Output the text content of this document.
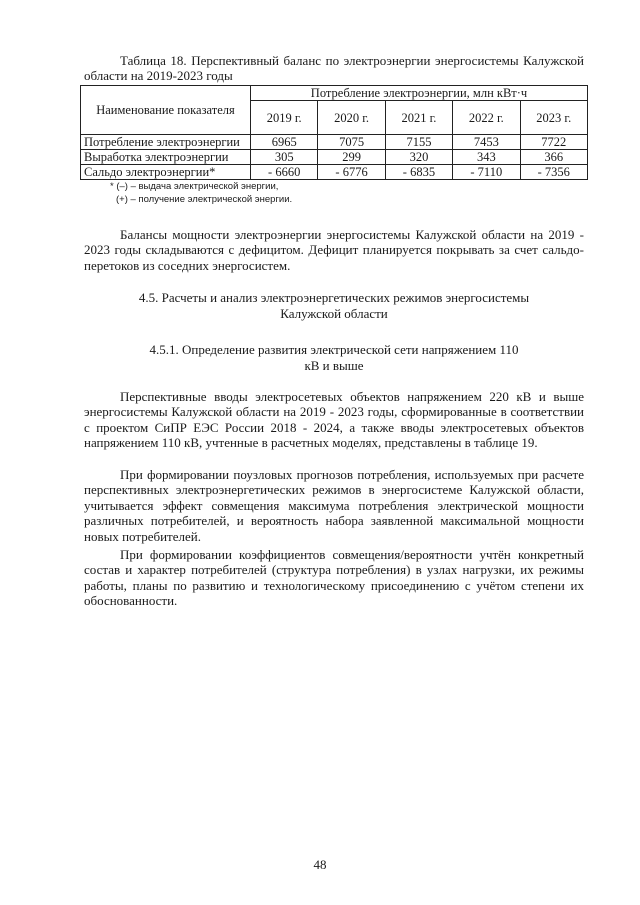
Таблица 18. Перспективный баланс по электроэнергии энергосистемы Калужской области на 2019-2023 годы
Наименование показателя	Потребление электроэнергии, млн кВт·ч				
	2019 г.	2020 г.	2021 г.	2022 г.	2023 г.
Потребление электроэнергии	6965	7075	7155	7453	7722
Выработка электроэнергии	305	299	320	343	366
Сальдо электроэнергии*	- 6660	- 6776	- 6835	- 7110	- 7356
* (–) – выдача электрической энергии,
(+) – получение электрической энергии.

Балансы мощности электроэнергии энергосистемы Калужской области на 2019 - 2023 годы складываются с дефицитом. Дефицит планируется покрывать за счет сальдо-перетоков из соседних энергосистем.

4.5. Расчеты и анализ электроэнергетических режимов энергосистемы Калужской области

4.5.1. Определение развития электрической сети напряжением 110 кВ и выше

Перспективные вводы электросетевых объектов напряжением 220 кВ и выше энергосистемы Калужской области на 2019 - 2023 годы, сформированные в соответствии с проектом СиПР ЕЭС России 2018 - 2024, а также вводы электросетевых объектов напряжением 110 кВ, учтенные в расчетных моделях, представлены в таблице 19.

При формировании поузловых прогнозов потребления, используемых при расчете перспективных электроэнергетических режимов в энергосистеме Калужской области, учитывается эффект совмещения максимума потребления электрической мощности различных потребителей, и вероятность набора заявленной максимальной мощности новых потребителей.

При формировании коэффициентов совмещения/вероятности учтён конкретный состав и характер потребителей (структура потребления) в узлах нагрузки, их режимы работы, планы по развитию и технологическому присоединению с учётом степени их обоснованности.

48
